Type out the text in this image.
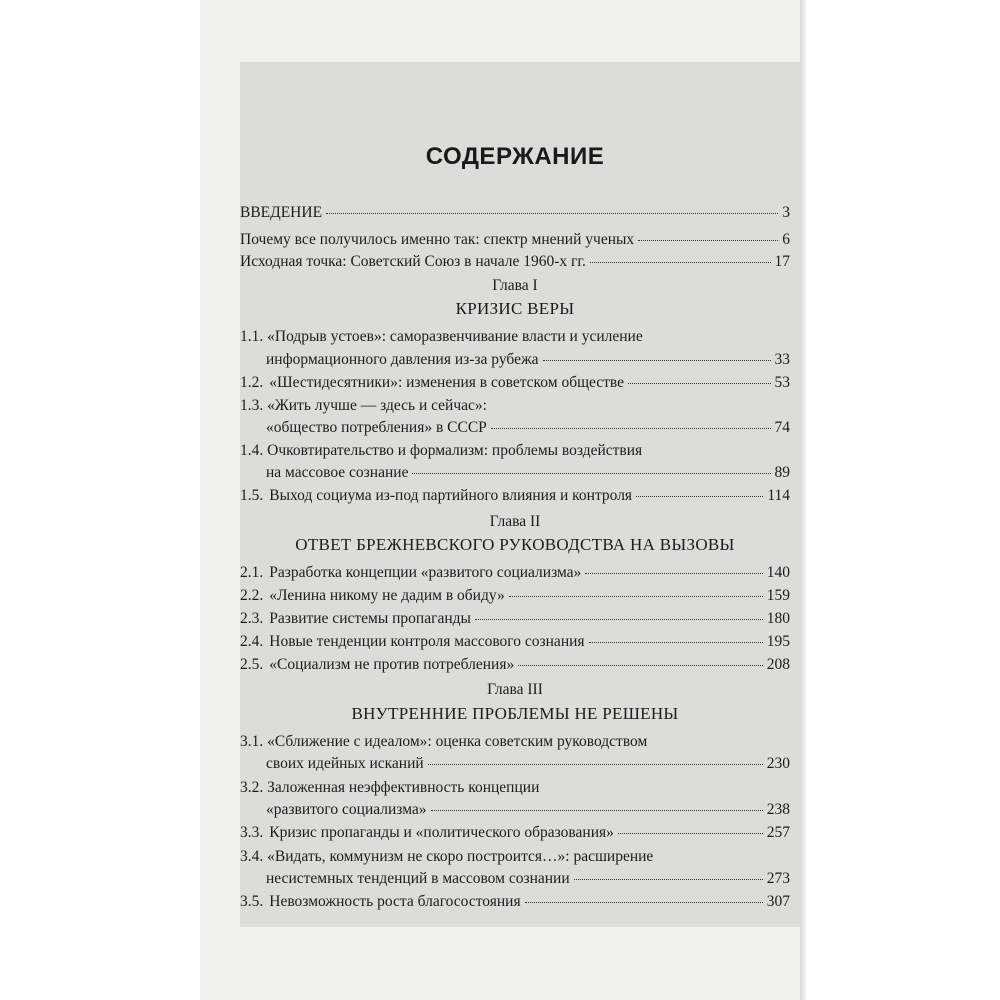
СОДЕРЖАНИЕ
ВВЕДЕНИЕ	3
Почему все получилось именно так: спектр мнений ученых	6
Исходная точка: Советский Союз в начале 1960-х гг.	17
Глава I
КРИЗИС ВЕРЫ
1.1. «Подрыв устоев»: саморазвенчивание власти и усиление
информационного давления из-за рубежа	33
1.2. «Шестидесятники»: изменения в советском обществе	53
1.3. «Жить лучше — здесь и сейчас»:
«общество потребления» в СССР	74
1.4. Очковтирательство и формализм: проблемы воздействия
на массовое сознание	89
1.5. Выход социума из-под партийного влияния и контроля	114
Глава II
ОТВЕТ БРЕЖНЕВСКОГО РУКОВОДСТВА НА ВЫЗОВЫ
2.1. Разработка концепции «развитого социализма»	140
2.2. «Ленина никому не дадим в обиду»	159
2.3. Развитие системы пропаганды	180
2.4. Новые тенденции контроля массового сознания	195
2.5. «Социализм не против потребления»	208
Глава III
ВНУТРЕННИЕ ПРОБЛЕМЫ НЕ РЕШЕНЫ
3.1. «Сближение с идеалом»: оценка советским руководством
своих идейных исканий	230
3.2. Заложенная неэффективность концепции
«развитого социализма»	238
3.3. Кризис пропаганды и «политического образования»	257
3.4. «Видать, коммунизм не скоро построится…»: расширение
несистемных тенденций в массовом сознании	273
3.5. Невозможность роста благосостояния	307
